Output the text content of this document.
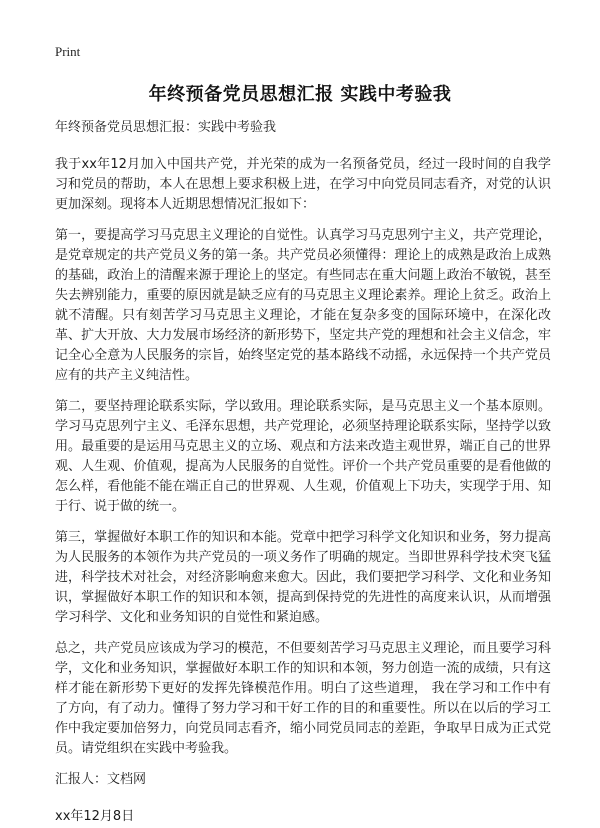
Print
年终预备党员思想汇报 实践中考验我

年终预备党员思想汇报：实践中考验我

我于xx年12月加入中国共产党，并光荣的成为一名预备党员，经过一段时间的自我学习和党员的帮助，本人在思想上要求积极上进，在学习中向党员同志看齐，对党的认识更加深刻。现将本人近期思想情况汇报如下：

第一，要提高学习马克思主义理论的自觉性。认真学习马克思列宁主义，共产党理论，是党章规定的共产党员义务的第一条。共产党员必须懂得：理论上的成熟是政治上成熟的基础，政治上的清醒来源于理论上的坚定。有些同志在重大问题上政治不敏锐，甚至失去辨别能力，重要的原因就是缺乏应有的马克思主义理论素养。理论上贫乏。政治上就不清醒。只有刻苦学习马克思主义理论，才能在复杂多变的国际环境中，在深化改革、扩大开放、大力发展市场经济的新形势下，坚定共产党的理想和社会主义信念，牢记全心全意为人民服务的宗旨，始终坚定党的基本路线不动摇，永远保持一个共产党员应有的共产主义纯洁性。

第二，要坚持理论联系实际，学以致用。理论联系实际，是马克思主义一个基本原则。学习马克思列宁主义、毛泽东思想，共产党理论，必须坚持理论联系实际，坚持学以致用。最重要的是运用马克思主义的立场、观点和方法来改造主观世界，端正自己的世界观、人生观、价值观，提高为人民服务的自觉性。评价一个共产党员重要的是看他做的怎么样，看他能不能在端正自己的世界观、人生观，价值观上下功夫，实现学于用、知于行、说于做的统一。

第三，掌握做好本职工作的知识和本能。党章中把学习科学文化知识和业务，努力提高为人民服务的本领作为共产党员的一项义务作了明确的规定。当即世界科学技术突飞猛进，科学技术对社会，对经济影响愈来愈大。因此，我们要把学习科学、文化和业务知识，掌握做好本职工作的知识和本领，提高到保持党的先进性的高度来认识，从而增强学习科学、文化和业务知识的自觉性和紧迫感。

总之，共产党员应该成为学习的模范，不但要刻苦学习马克思主义理论，而且要学习科学，文化和业务知识，掌握做好本职工作的知识和本领，努力创造一流的成绩，只有这样才能在新形势下更好的发挥先锋模范作用。明白了这些道理， 我在学习和工作中有了方向，有了动力。懂得了努力学习和干好工作的目的和重要性。所以在以后的学习工作中我定要加倍努力，向党员同志看齐，缩小同党员同志的差距，争取早日成为正式党员。请党组织在实践中考验我。

汇报人：文档网

xx年12月8日
